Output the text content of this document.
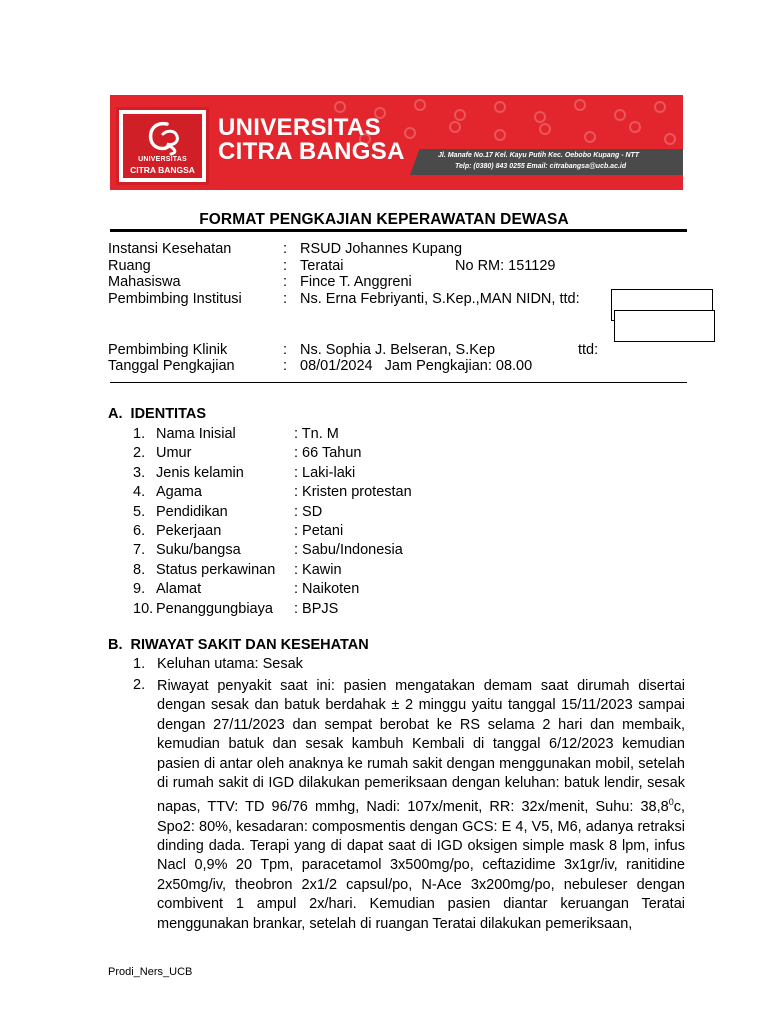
UNIVERSITAS
CITRA BANGSA
UNIVERSITAS
CITRA BANGSA	Jl. Manafe No.17 Kel. Kayu Putih Kec. Oebobo Kupang - NTT
Telp: (0380) 843 0255 Email: citrabangsa@ucb.ac.id
FORMAT PENGKAJIAN KEPERAWATAN DEWASA
Instansi Kesehatan	: RSUD Johannes Kupang
Ruang	: Teratai	No RM: 151129
Mahasiswa	: Fince T. Anggreni
Pembimbing Institusi	: Ns. Erna Febriyanti, S.Kep.,MAN NIDN, ttd:
Pembimbing Klinik	: Ns. Sophia J. Belseran, S.Kep	ttd:
Tanggal Pengkajian	: 08/01/2024   Jam Pengkajian: 08.00
A.  IDENTITAS
1. Nama Inisial	: Tn. M
2. Umur	: 66 Tahun
3. Jenis kelamin	: Laki-laki
4. Agama	: Kristen protestan
5. Pendidikan	: SD
6. Pekerjaan	: Petani
7. Suku/bangsa	: Sabu/Indonesia
8. Status perkawinan : Kawin
9. Alamat	: Naikoten
10. Penanggungbiaya : BPJS
B.  RIWAYAT SAKIT DAN KESEHATAN
1. Keluhan utama: Sesak
2. Riwayat penyakit saat ini: pasien mengatakan demam saat dirumah disertai dengan sesak dan batuk berdahak ± 2 minggu yaitu tanggal 15/11/2023 sampai dengan 27/11/2023 dan sempat berobat ke RS selama 2 hari dan membaik, kemudian batuk dan sesak kambuh Kembali di tanggal 6/12/2023 kemudian pasien di antar oleh anaknya ke rumah sakit dengan menggunakan mobil, setelah di rumah sakit di IGD dilakukan pemeriksaan dengan keluhan: batuk lendir, sesak napas, TTV: TD 96/76 mmhg, Nadi: 107x/menit, RR: 32x/menit, Suhu: 38,8$^0$c, Spo2: 80%, kesadaran: composmentis dengan GCS: E 4, V5, M6, adanya retraksi dinding dada. Terapi yang di dapat saat di IGD oksigen simple mask 8 lpm, infus Nacl 0,9% 20 Tpm, paracetamol 3x500mg/po, ceftazidime 3x1gr/iv, ranitidine 2x50mg/iv, theobron 2x1/2 capsul/po, N-Ace 3x200mg/po, nebuleser dengan combivent 1 ampul 2x/hari. Kemudian pasien diantar keruangan Teratai menggunakan brankar, setelah di ruangan Teratai dilakukan pemeriksaan,
Prodi_Ners_UCB
